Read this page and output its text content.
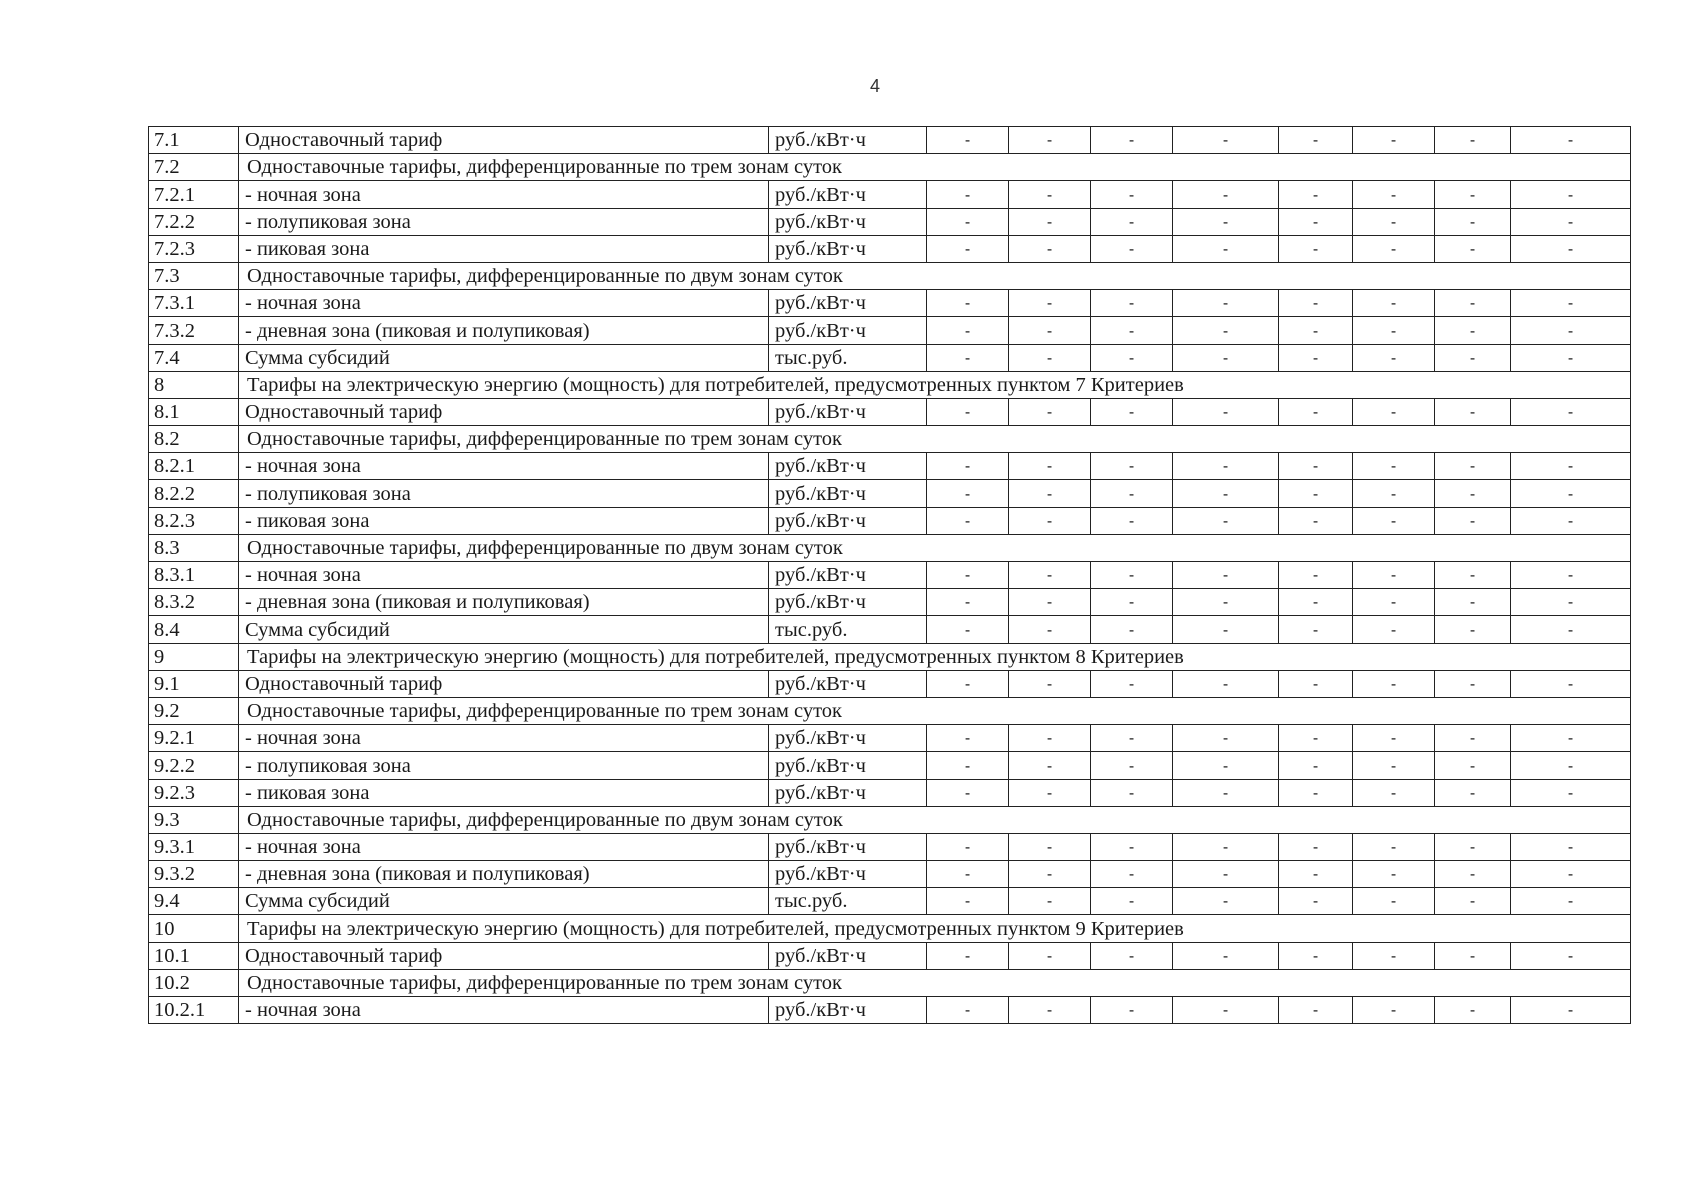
4
7.1	Одноставочный тариф	руб./кВт·ч	-	-	-	-	-	-	-	-
7.2	Одноставочные тарифы, дифференцированные по трем зонам суток									
7.2.1	- ночная зона	руб./кВт·ч	-	-	-	-	-	-	-	-
7.2.2	- полупиковая зона	руб./кВт·ч	-	-	-	-	-	-	-	-
7.2.3	- пиковая зона	руб./кВт·ч	-	-	-	-	-	-	-	-
7.3	Одноставочные тарифы, дифференцированные по двум зонам суток									
7.3.1	- ночная зона	руб./кВт·ч	-	-	-	-	-	-	-	-
7.3.2	- дневная зона (пиковая и полупиковая)	руб./кВт·ч	-	-	-	-	-	-	-	-
7.4	Сумма субсидий	тыс.руб.	-	-	-	-	-	-	-	-
8	Тарифы на электрическую энергию (мощность) для потребителей, предусмотренных пунктом 7 Критериев									
8.1	Одноставочный тариф	руб./кВт·ч	-	-	-	-	-	-	-	-
8.2	Одноставочные тарифы, дифференцированные по трем зонам суток									
8.2.1	- ночная зона	руб./кВт·ч	-	-	-	-	-	-	-	-
8.2.2	- полупиковая зона	руб./кВт·ч	-	-	-	-	-	-	-	-
8.2.3	- пиковая зона	руб./кВт·ч	-	-	-	-	-	-	-	-
8.3	Одноставочные тарифы, дифференцированные по двум зонам суток									
8.3.1	- ночная зона	руб./кВт·ч	-	-	-	-	-	-	-	-
8.3.2	- дневная зона (пиковая и полупиковая)	руб./кВт·ч	-	-	-	-	-	-	-	-
8.4	Сумма субсидий	тыс.руб.	-	-	-	-	-	-	-	-
9	Тарифы на электрическую энергию (мощность) для потребителей, предусмотренных пунктом 8 Критериев									
9.1	Одноставочный тариф	руб./кВт·ч	-	-	-	-	-	-	-	-
9.2	Одноставочные тарифы, дифференцированные по трем зонам суток									
9.2.1	- ночная зона	руб./кВт·ч	-	-	-	-	-	-	-	-
9.2.2	- полупиковая зона	руб./кВт·ч	-	-	-	-	-	-	-	-
9.2.3	- пиковая зона	руб./кВт·ч	-	-	-	-	-	-	-	-
9.3	Одноставочные тарифы, дифференцированные по двум зонам суток									
9.3.1	- ночная зона	руб./кВт·ч	-	-	-	-	-	-	-	-
9.3.2	- дневная зона (пиковая и полупиковая)	руб./кВт·ч	-	-	-	-	-	-	-	-
9.4	Сумма субсидий	тыс.руб.	-	-	-	-	-	-	-	-
10	Тарифы на электрическую энергию (мощность) для потребителей, предусмотренных пунктом 9 Критериев									
10.1	Одноставочный тариф	руб./кВт·ч	-	-	-	-	-	-	-	-
10.2	Одноставочные тарифы, дифференцированные по трем зонам суток									
10.2.1	- ночная зона	руб./кВт·ч	-	-	-	-	-	-	-	-
